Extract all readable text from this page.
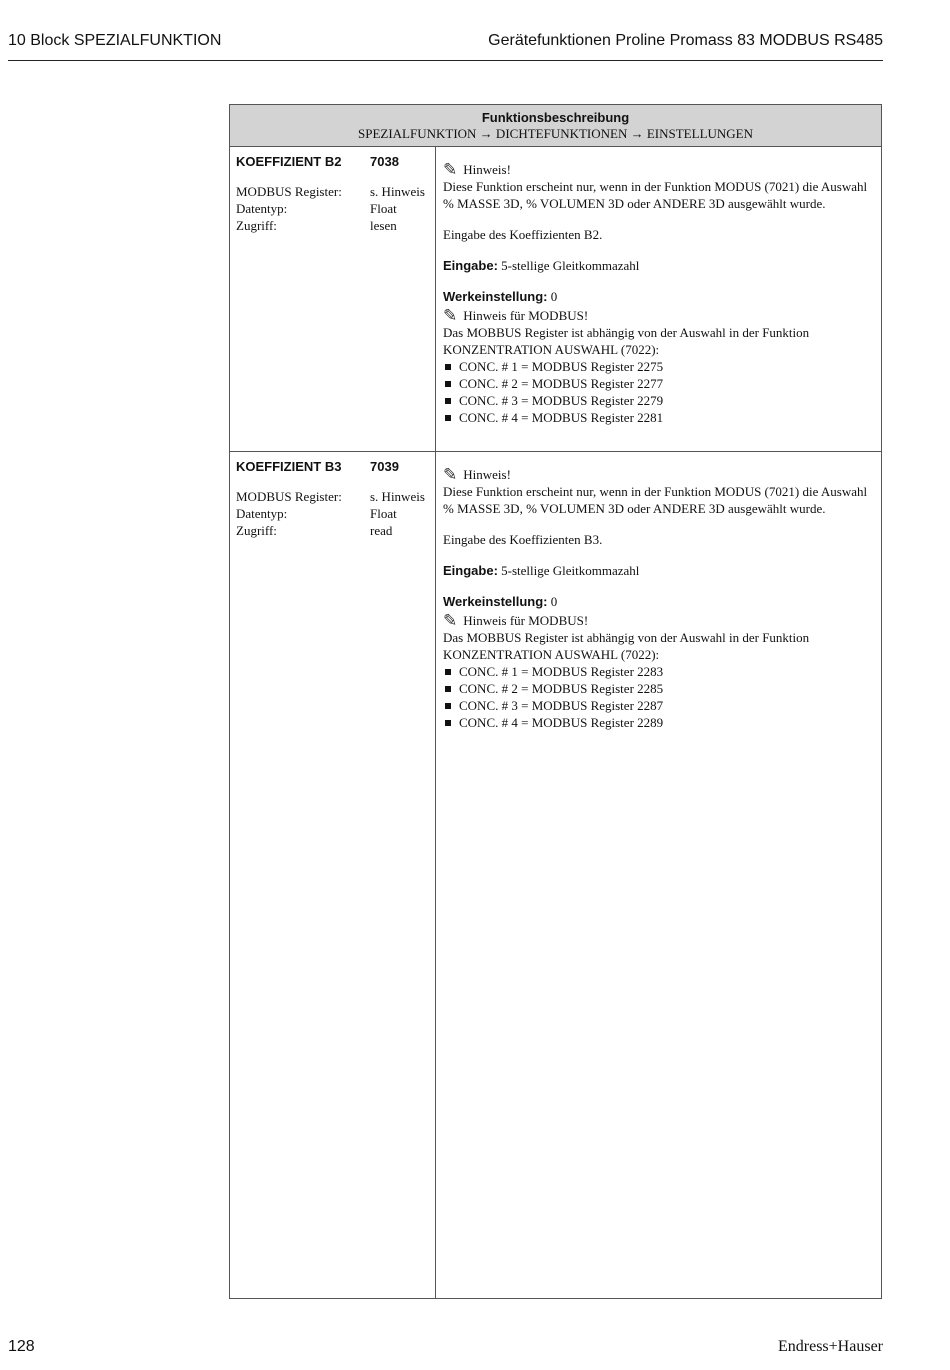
10 Block SPEZIALFUNKTION	Gerätefunktionen Proline Promass 83 MODBUS RS485
Funktionsbeschreibung
SPEZIALFUNKTION → DICHTEFUNKTIONEN → EINSTELLUNGEN
KOEFFIZIENT B2	7038
MODBUS Register:	s. Hinweis
Datentyp:	Float
Zugriff:	lesen
✎ Hinweis!
Diese Funktion erscheint nur, wenn in der Funktion MODUS (7021) die Auswahl % MASSE 3D, % VOLUMEN 3D oder ANDERE 3D ausgewählt wurde.
Eingabe des Koeffizienten B2.
Eingabe: 5-stellige Gleitkommazahl
Werkeinstellung: 0
✎ Hinweis für MODBUS!
Das MOBBUS Register ist abhängig von der Auswahl in der Funktion KONZENTRATION AUSWAHL (7022):
CONC. # 1 = MODBUS Register 2275
CONC. # 2 = MODBUS Register 2277
CONC. # 3 = MODBUS Register 2279
CONC. # 4 = MODBUS Register 2281
KOEFFIZIENT B3	7039
MODBUS Register:	s. Hinweis
Datentyp:	Float
Zugriff:	read
✎ Hinweis!
Diese Funktion erscheint nur, wenn in der Funktion MODUS (7021) die Auswahl % MASSE 3D, % VOLUMEN 3D oder ANDERE 3D ausgewählt wurde.
Eingabe des Koeffizienten B3.
Eingabe: 5-stellige Gleitkommazahl
Werkeinstellung: 0
✎ Hinweis für MODBUS!
Das MOBBUS Register ist abhängig von der Auswahl in der Funktion KONZENTRATION AUSWAHL (7022):
CONC. # 1 = MODBUS Register 2283
CONC. # 2 = MODBUS Register 2285
CONC. # 3 = MODBUS Register 2287
CONC. # 4 = MODBUS Register 2289
128	Endress+Hauser
